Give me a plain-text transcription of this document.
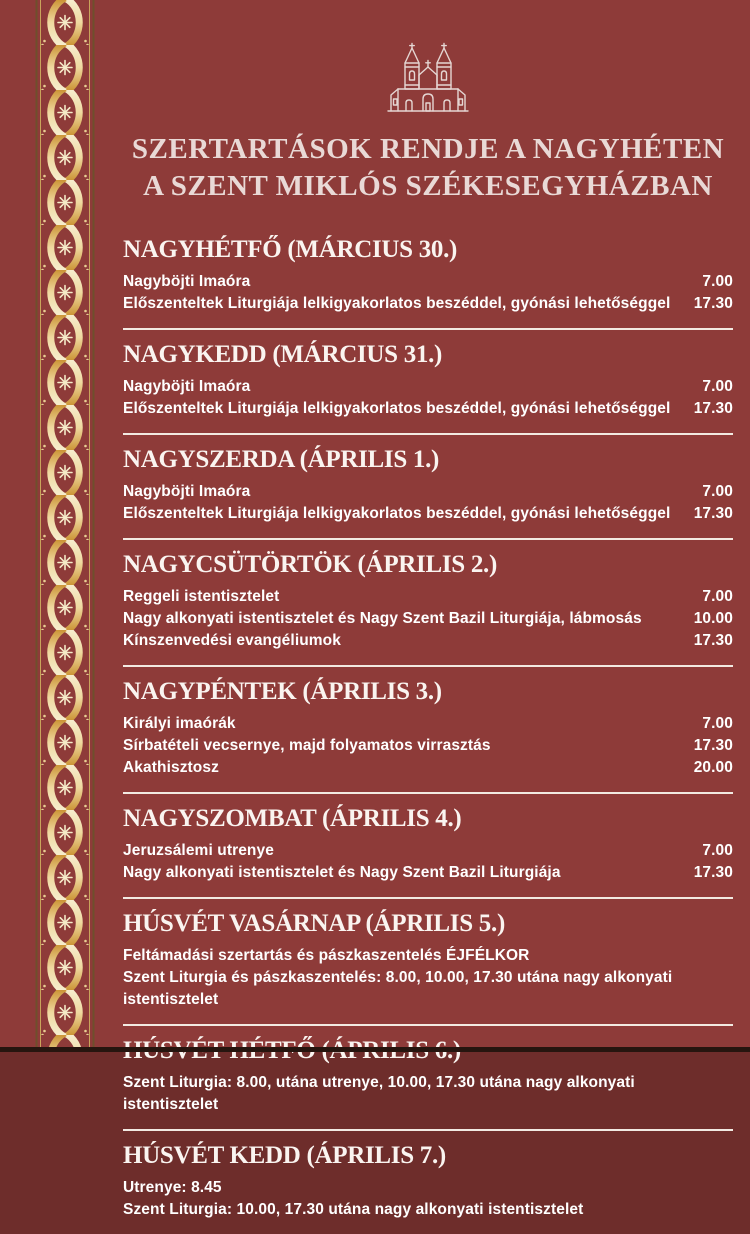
SZERTARTÁSOK RENDJE A NAGYHÉTEN
A SZENT MIKLÓS SZÉKESEGYHÁZBAN
NAGYHÉTFŐ (MÁRCIUS 30.)
Nagyböjti Imaóra	7.00
Előszenteltek Liturgiája lelkigyakorlatos beszéddel, gyónási lehetőséggel	17.30
NAGYKEDD (MÁRCIUS 31.)
Nagyböjti Imaóra	7.00
Előszenteltek Liturgiája lelkigyakorlatos beszéddel, gyónási lehetőséggel	17.30
NAGYSZERDA (ÁPRILIS 1.)
Nagyböjti Imaóra	7.00
Előszenteltek Liturgiája lelkigyakorlatos beszéddel, gyónási lehetőséggel	17.30
NAGYCSÜTÖRTÖK (ÁPRILIS 2.)
Reggeli istentisztelet	7.00
Nagy alkonyati istentisztelet és Nagy Szent Bazil Liturgiája, lábmosás	10.00
Kínszenvedési evangéliumok	17.30
NAGYPÉNTEK (ÁPRILIS 3.)
Királyi imaórák	7.00
Sírbatételi vecsernye, majd folyamatos virrasztás	17.30
Akathisztosz	20.00
NAGYSZOMBAT (ÁPRILIS 4.)
Jeruzsálemi utrenye	7.00
Nagy alkonyati istentisztelet és Nagy Szent Bazil Liturgiája	17.30
HÚSVÉT VASÁRNAP (ÁPRILIS 5.)
Feltámadási szertartás és pászkaszentelés ÉJFÉLKOR
Szent Liturgia és pászkaszentelés: 8.00, 10.00, 17.30 utána nagy alkonyati istentisztelet
Szent Liturgia: 8.00, utána utrenye, 10.00, 17.30 utána nagy alkonyati istentisztelet
HÚSVÉT KEDD (ÁPRILIS 7.)
Utrenye: 8.45
Szent Liturgia: 10.00, 17.30 utána nagy alkonyati istentisztelet
